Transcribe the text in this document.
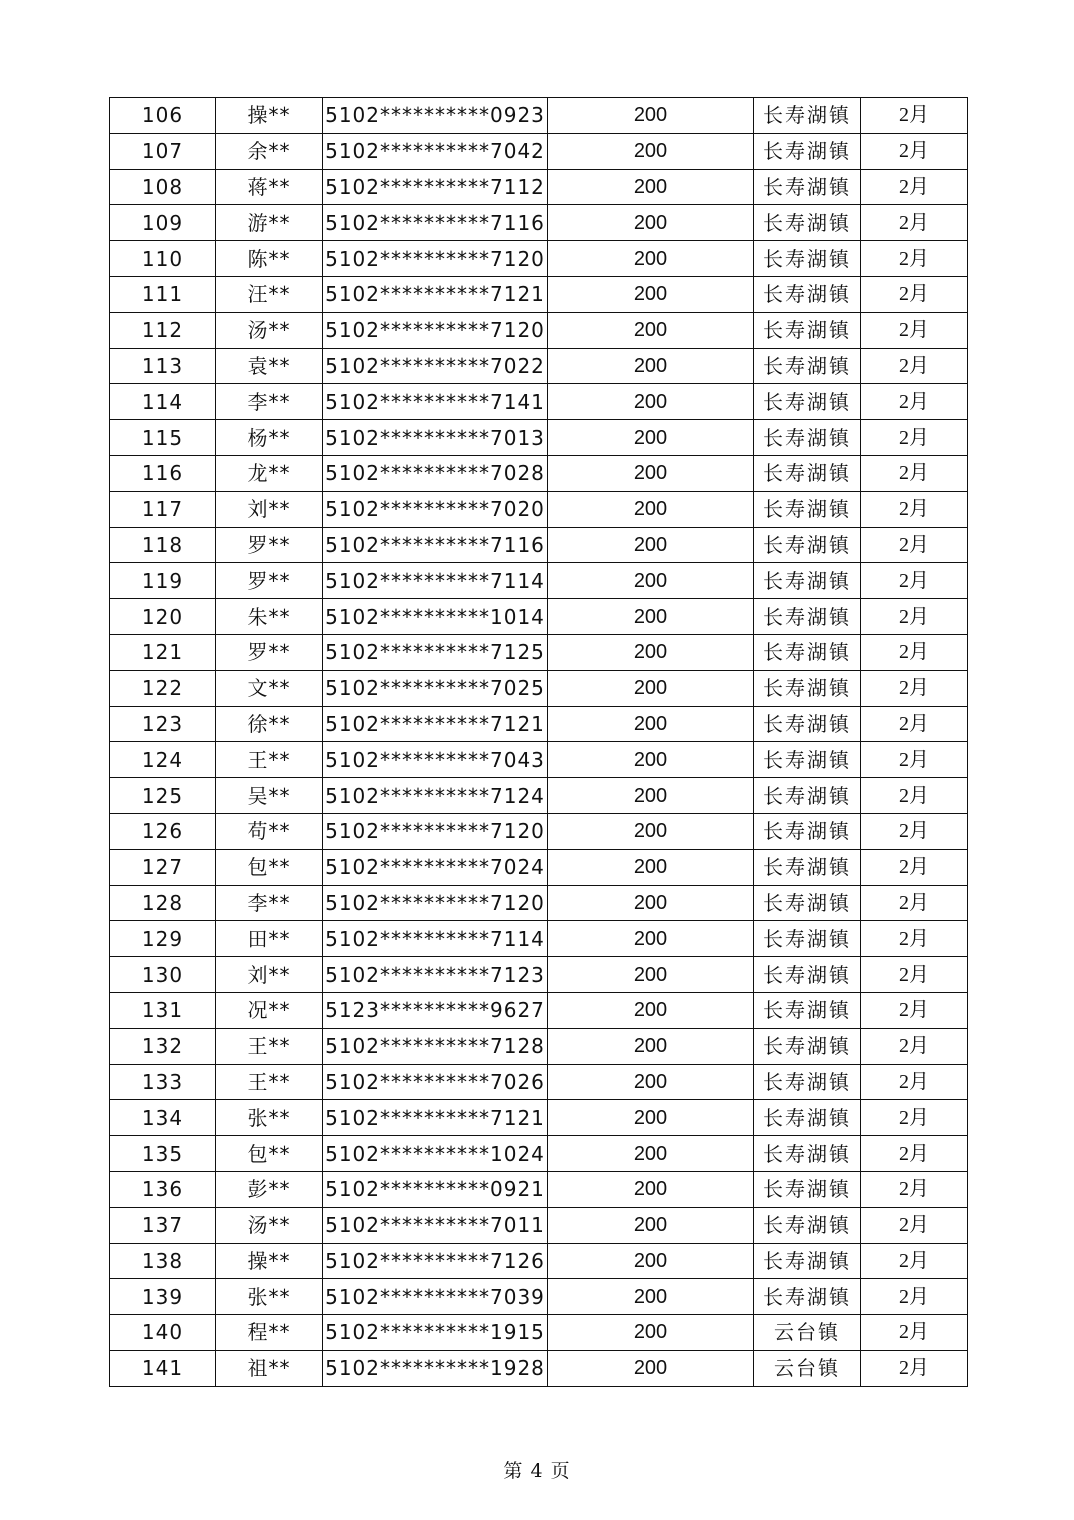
106	操**	5102**********0923	200	长寿湖镇	2月
107	余**	5102**********7042	200	长寿湖镇	2月
108	蒋**	5102**********7112	200	长寿湖镇	2月
109	游**	5102**********7116	200	长寿湖镇	2月
110	陈**	5102**********7120	200	长寿湖镇	2月
111	汪**	5102**********7121	200	长寿湖镇	2月
112	汤**	5102**********7120	200	长寿湖镇	2月
113	袁**	5102**********7022	200	长寿湖镇	2月
114	李**	5102**********7141	200	长寿湖镇	2月
115	杨**	5102**********7013	200	长寿湖镇	2月
116	龙**	5102**********7028	200	长寿湖镇	2月
117	刘**	5102**********7020	200	长寿湖镇	2月
118	罗**	5102**********7116	200	长寿湖镇	2月
119	罗**	5102**********7114	200	长寿湖镇	2月
120	朱**	5102**********1014	200	长寿湖镇	2月
121	罗**	5102**********7125	200	长寿湖镇	2月
122	文**	5102**********7025	200	长寿湖镇	2月
123	徐**	5102**********7121	200	长寿湖镇	2月
124	王**	5102**********7043	200	长寿湖镇	2月
125	吴**	5102**********7124	200	长寿湖镇	2月
126	苟**	5102**********7120	200	长寿湖镇	2月
127	包**	5102**********7024	200	长寿湖镇	2月
128	李**	5102**********7120	200	长寿湖镇	2月
129	田**	5102**********7114	200	长寿湖镇	2月
130	刘**	5102**********7123	200	长寿湖镇	2月
131	况**	5123**********9627	200	长寿湖镇	2月
132	王**	5102**********7128	200	长寿湖镇	2月
133	王**	5102**********7026	200	长寿湖镇	2月
134	张**	5102**********7121	200	长寿湖镇	2月
135	包**	5102**********1024	200	长寿湖镇	2月
136	彭**	5102**********0921	200	长寿湖镇	2月
137	汤**	5102**********7011	200	长寿湖镇	2月
138	操**	5102**********7126	200	长寿湖镇	2月
139	张**	5102**********7039	200	长寿湖镇	2月
140	程**	5102**********1915	200	云台镇	2月
141	祖**	5102**********1928	200	云台镇	2月
第 4 页
